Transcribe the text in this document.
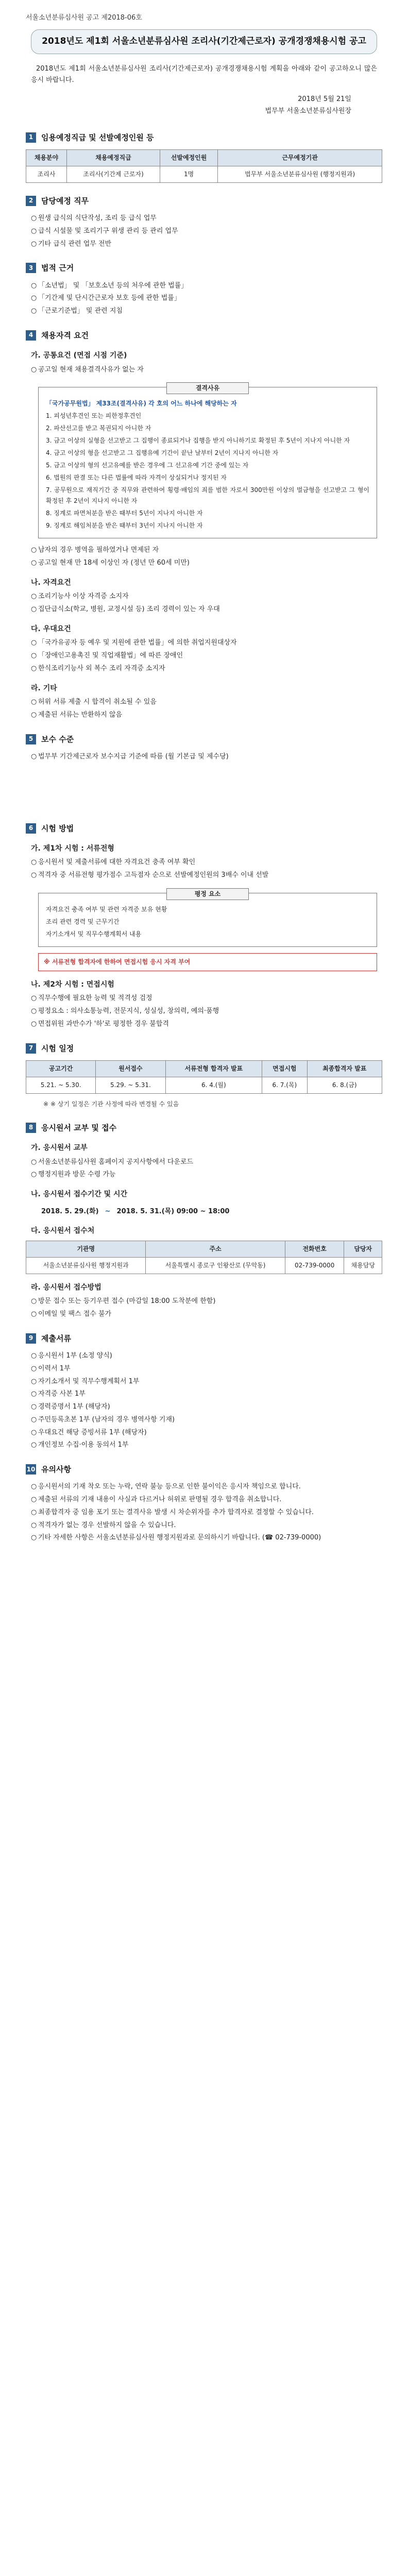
서울소년분류심사원 공고 제2018-06호
2018년도 제1회 서울소년분류심사원 조리사(기간제근로자) 공개경쟁채용시험 공고

2018년도 제1회 서울소년분류심사원 조리사(기간제근로자) 공개경쟁채용시험 계획을 아래와 같이 공고하오니 많은 응시 바랍니다.

2018년 5월 21일
법무부 서울소년분류심사원장
1	임용예정직급 및 선발예정인원 등
채용분야	채용예정직급	선발예정인원	근무예정기관
조리사	조리사(기간제 근로자)	1명	법무부 서울소년분류심사원 (행정지원과)
2	담당예정 직무
○ 원생 급식의 식단작성, 조리 등 급식 업무
○ 급식 시설물 및 조리기구 위생 관리 등 관리 업무
○ 기타 급식 관련 업무 전반
3	법적 근거
○ 「소년법」 및 「보호소년 등의 처우에 관한 법률」
○ 「기간제 및 단시간근로자 보호 등에 관한 법률」
○ 「근로기준법」 및 관련 지침
4	채용자격 요건
가. 공통요건 (면접 시점 기준)
○ 공고일 현재 채용결격사유가 없는 자
결격사유

「국가공무원법」 제33조(결격사유) 각 호의 어느 하나에 해당하는 자

1. 피성년후견인 또는 피한정후견인

2. 파산선고를 받고 복권되지 아니한 자

3. 금고 이상의 실형을 선고받고 그 집행이 종료되거나 집행을 받지 아니하기로 확정된 후 5년이 지나지 아니한 자

4. 금고 이상의 형을 선고받고 그 집행유예 기간이 끝난 날부터 2년이 지나지 아니한 자

5. 금고 이상의 형의 선고유예를 받은 경우에 그 선고유예 기간 중에 있는 자

6. 법원의 판결 또는 다른 법률에 따라 자격이 상실되거나 정지된 자

7. 공무원으로 재직기간 중 직무와 관련하여 횡령·배임의 죄를 범한 자로서 300만원 이상의 벌금형을 선고받고 그 형이 확정된 후 2년이 지나지 아니한 자

8. 징계로 파면처분을 받은 때부터 5년이 지나지 아니한 자

9. 징계로 해임처분을 받은 때부터 3년이 지나지 아니한 자

○ 남자의 경우 병역을 필하였거나 면제된 자
○ 공고일 현재 만 18세 이상인 자 (정년 만 60세 미만)
나. 자격요건
○ 조리기능사 이상 자격증 소지자
○ 집단급식소(학교, 병원, 교정시설 등) 조리 경력이 있는 자 우대
다. 우대요건
○ 「국가유공자 등 예우 및 지원에 관한 법률」에 의한 취업지원대상자
○ 「장애인고용촉진 및 직업재활법」에 따른 장애인
○ 한식조리기능사 외 복수 조리 자격증 소지자
라. 기타
○ 허위 서류 제출 시 합격이 취소될 수 있음
○ 제출된 서류는 반환하지 않음
5	보수 수준
○ 법무부 기간제근로자 보수지급 기준에 따름 (월 기본급 및 제수당)
6	시험 방법
가. 제1차 시험 : 서류전형
○ 응시원서 및 제출서류에 대한 자격요건 충족 여부 확인
○ 적격자 중 서류전형 평가점수 고득점자 순으로 선발예정인원의 3배수 이내 선발
평정 요소

자격요건 충족 여부 및 관련 자격증 보유 현황

조리 관련 경력 및 근무기간

자기소개서 및 직무수행계획서 내용

※ 서류전형 합격자에 한하여 면접시험 응시 자격 부여
나. 제2차 시험 : 면접시험
○ 직무수행에 필요한 능력 및 적격성 검정
○ 평정요소 : 의사소통능력, 전문지식, 성실성, 창의력, 예의·품행
○ 면접위원 과반수가 '하'로 평정한 경우 불합격
7	시험 일정
공고기간	원서접수	서류전형 합격자 발표	면접시험	최종합격자 발표
5.21. ~ 5.30.	5.29. ~ 5.31.	6. 4.(월)	6. 7.(목)	6. 8.(금)
※ ※ 상기 일정은 기관 사정에 따라 변경될 수 있음
8	응시원서 교부 및 접수
가. 응시원서 교부
○ 서울소년분류심사원 홈페이지 공지사항에서 다운로드
○ 행정지원과 방문 수령 가능
나. 응시원서 접수기간 및 시간
2018. 5. 29.(화) ~ 2018. 5. 31.(목) 09:00 ~ 18:00
다. 응시원서 접수처
기관명	주소	전화번호	담당자
서울소년분류심사원 행정지원과	서울특별시 종로구 인왕산로 (무악동)	02-739-0000	채용담당
라. 응시원서 접수방법
○ 방문 접수 또는 등기우편 접수 (마감일 18:00 도착분에 한함)
○ 이메일 및 팩스 접수 불가
9	제출서류
○ 응시원서 1부 (소정 양식)
○ 이력서 1부
○ 자기소개서 및 직무수행계획서 1부
○ 자격증 사본 1부
○ 경력증명서 1부 (해당자)
○ 주민등록초본 1부 (남자의 경우 병역사항 기재)
○ 우대요건 해당 증빙서류 1부 (해당자)
○ 개인정보 수집·이용 동의서 1부
10 유의사항
○ 응시원서의 기재 착오 또는 누락, 연락 불능 등으로 인한 불이익은 응시자 책임으로 합니다.
○ 제출된 서류의 기재 내용이 사실과 다르거나 허위로 판명될 경우 합격을 취소합니다.
○ 최종합격자 중 임용 포기 또는 결격사유 발생 시 차순위자를 추가 합격자로 결정할 수 있습니다.
○ 적격자가 없는 경우 선발하지 않을 수 있습니다.
○ 기타 자세한 사항은 서울소년분류심사원 행정지원과로 문의하시기 바랍니다. (☎ 02-739-0000)
